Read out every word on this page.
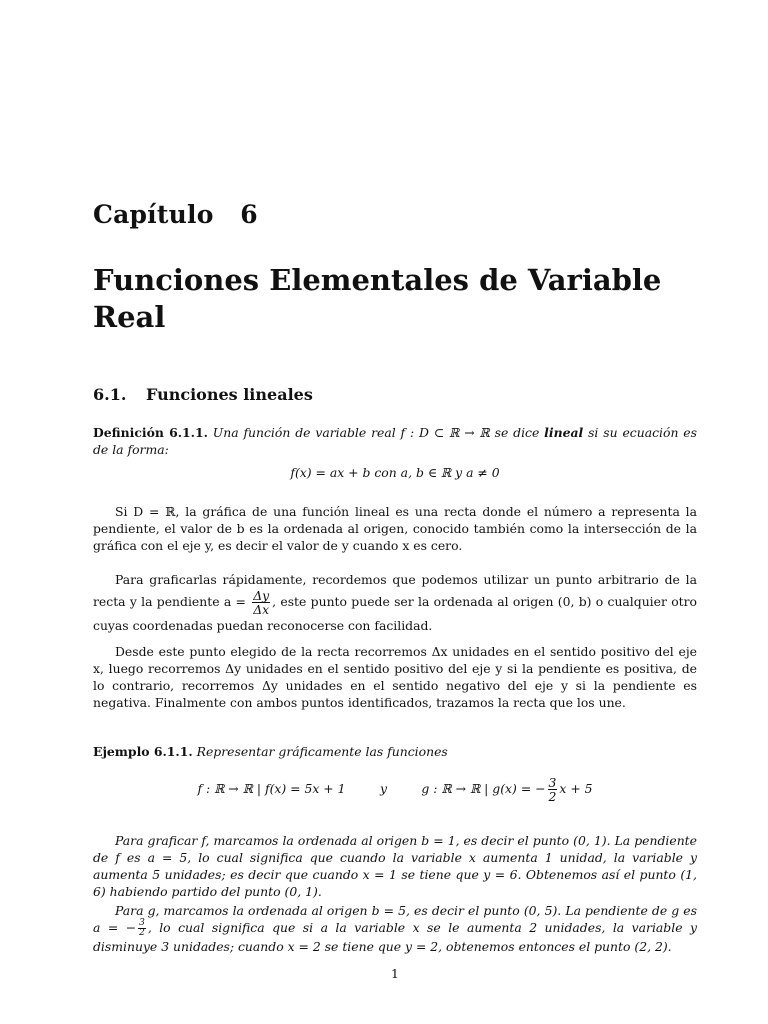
Capítulo   6
Funciones Elementales de Variable Real
6.1. Funciones lineales
Definición 6.1.1. Una función de variable real f : D ⊂ ℝ → ℝ se dice lineal si su ecuación es de la forma:
f(x) = ax + b con a, b ∈ ℝ y a ≠ 0
Si D = ℝ, la gráfica de una función lineal es una recta donde el número a representa la pendiente, el valor de b es la ordenada al origen, conocido también como la intersección de la gráfica con el eje y, es decir el valor de y cuando x es cero.
Para graficarlas rápidamente, recordemos que podemos utilizar un punto arbitrario de la recta y la pendiente $a = \frac{\Delta y}{\Delta x}$ , este punto puede ser la ordenada al origen (0, b) o cualquier otro cuyas coordenadas puedan reconocerse con facilidad.
Desde este punto elegido de la recta recorremos Δx unidades en el sentido positivo del eje x, luego recorremos Δy unidades en el sentido positivo del eje y si la pendiente es positiva, de lo contrario, recorremos Δy unidades en el sentido negativo del eje y si la pendiente es negativa. Finalmente con ambos puntos identificados, trazamos la recta que los une.
Ejemplo 6.1.1. Representar gráficamente las funciones
f : ℝ → ℝ | f(x) = 5x + 1	y	g : ℝ → ℝ | g(x) = − $\frac{3}{2}$ x + 5
Para graficar f, marcamos la ordenada al origen b = 1, es decir el punto (0, 1). La pendiente de f es a = 5, lo cual significa que cuando la variable x aumenta 1 unidad, la variable y aumenta 5 unidades; es decir que cuando x = 1 se tiene que y = 6. Obtenemos así el punto (1, 6) habiendo partido del punto (0, 1).
Para g, marcamos la ordenada al origen b = 5, es decir el punto (0, 5). La pendiente de g es a = − $\frac{3}{2}$ , lo cual significa que si a la variable x se le aumenta 2 unidades, la variable y disminuye 3 unidades; cuando x = 2 se tiene que y = 2, obtenemos entonces el punto (2, 2).
1
